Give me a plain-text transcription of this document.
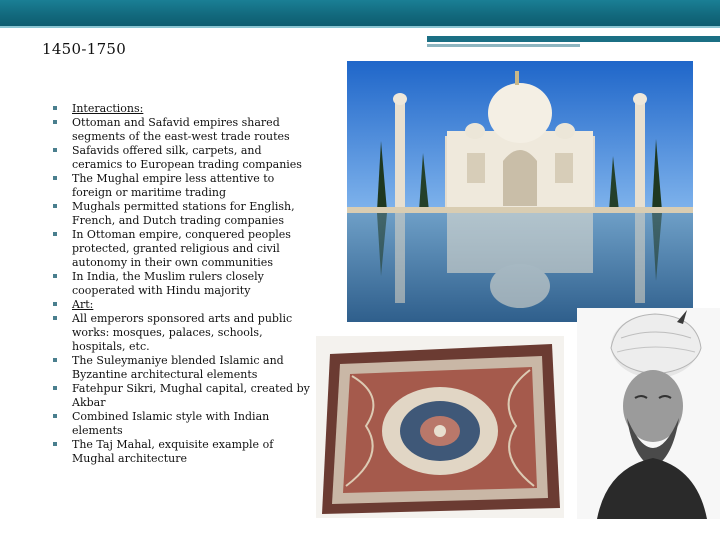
1450-1750
Interactions:
Ottoman and Safavid empires shared segments of the east-west trade routes
Safavids offered silk, carpets, and ceramics to European trading companies
The Mughal empire less attentive to foreign or maritime trading
Mughals permitted stations for English, French, and Dutch trading companies
In Ottoman empire, conquered peoples protected, granted religious and civil autonomy in their own communities
In India, the Muslim rulers closely cooperated with Hindu majority
Art:
All emperors sponsored arts and public works: mosques, palaces, schools, hospitals, etc.
The Suleymaniye blended Islamic and Byzantine architectural elements
Fatehpur Sikri, Mughal capital, created by Akbar
Combined Islamic style with Indian elements
The Taj Mahal, exquisite example of Mughal architecture
